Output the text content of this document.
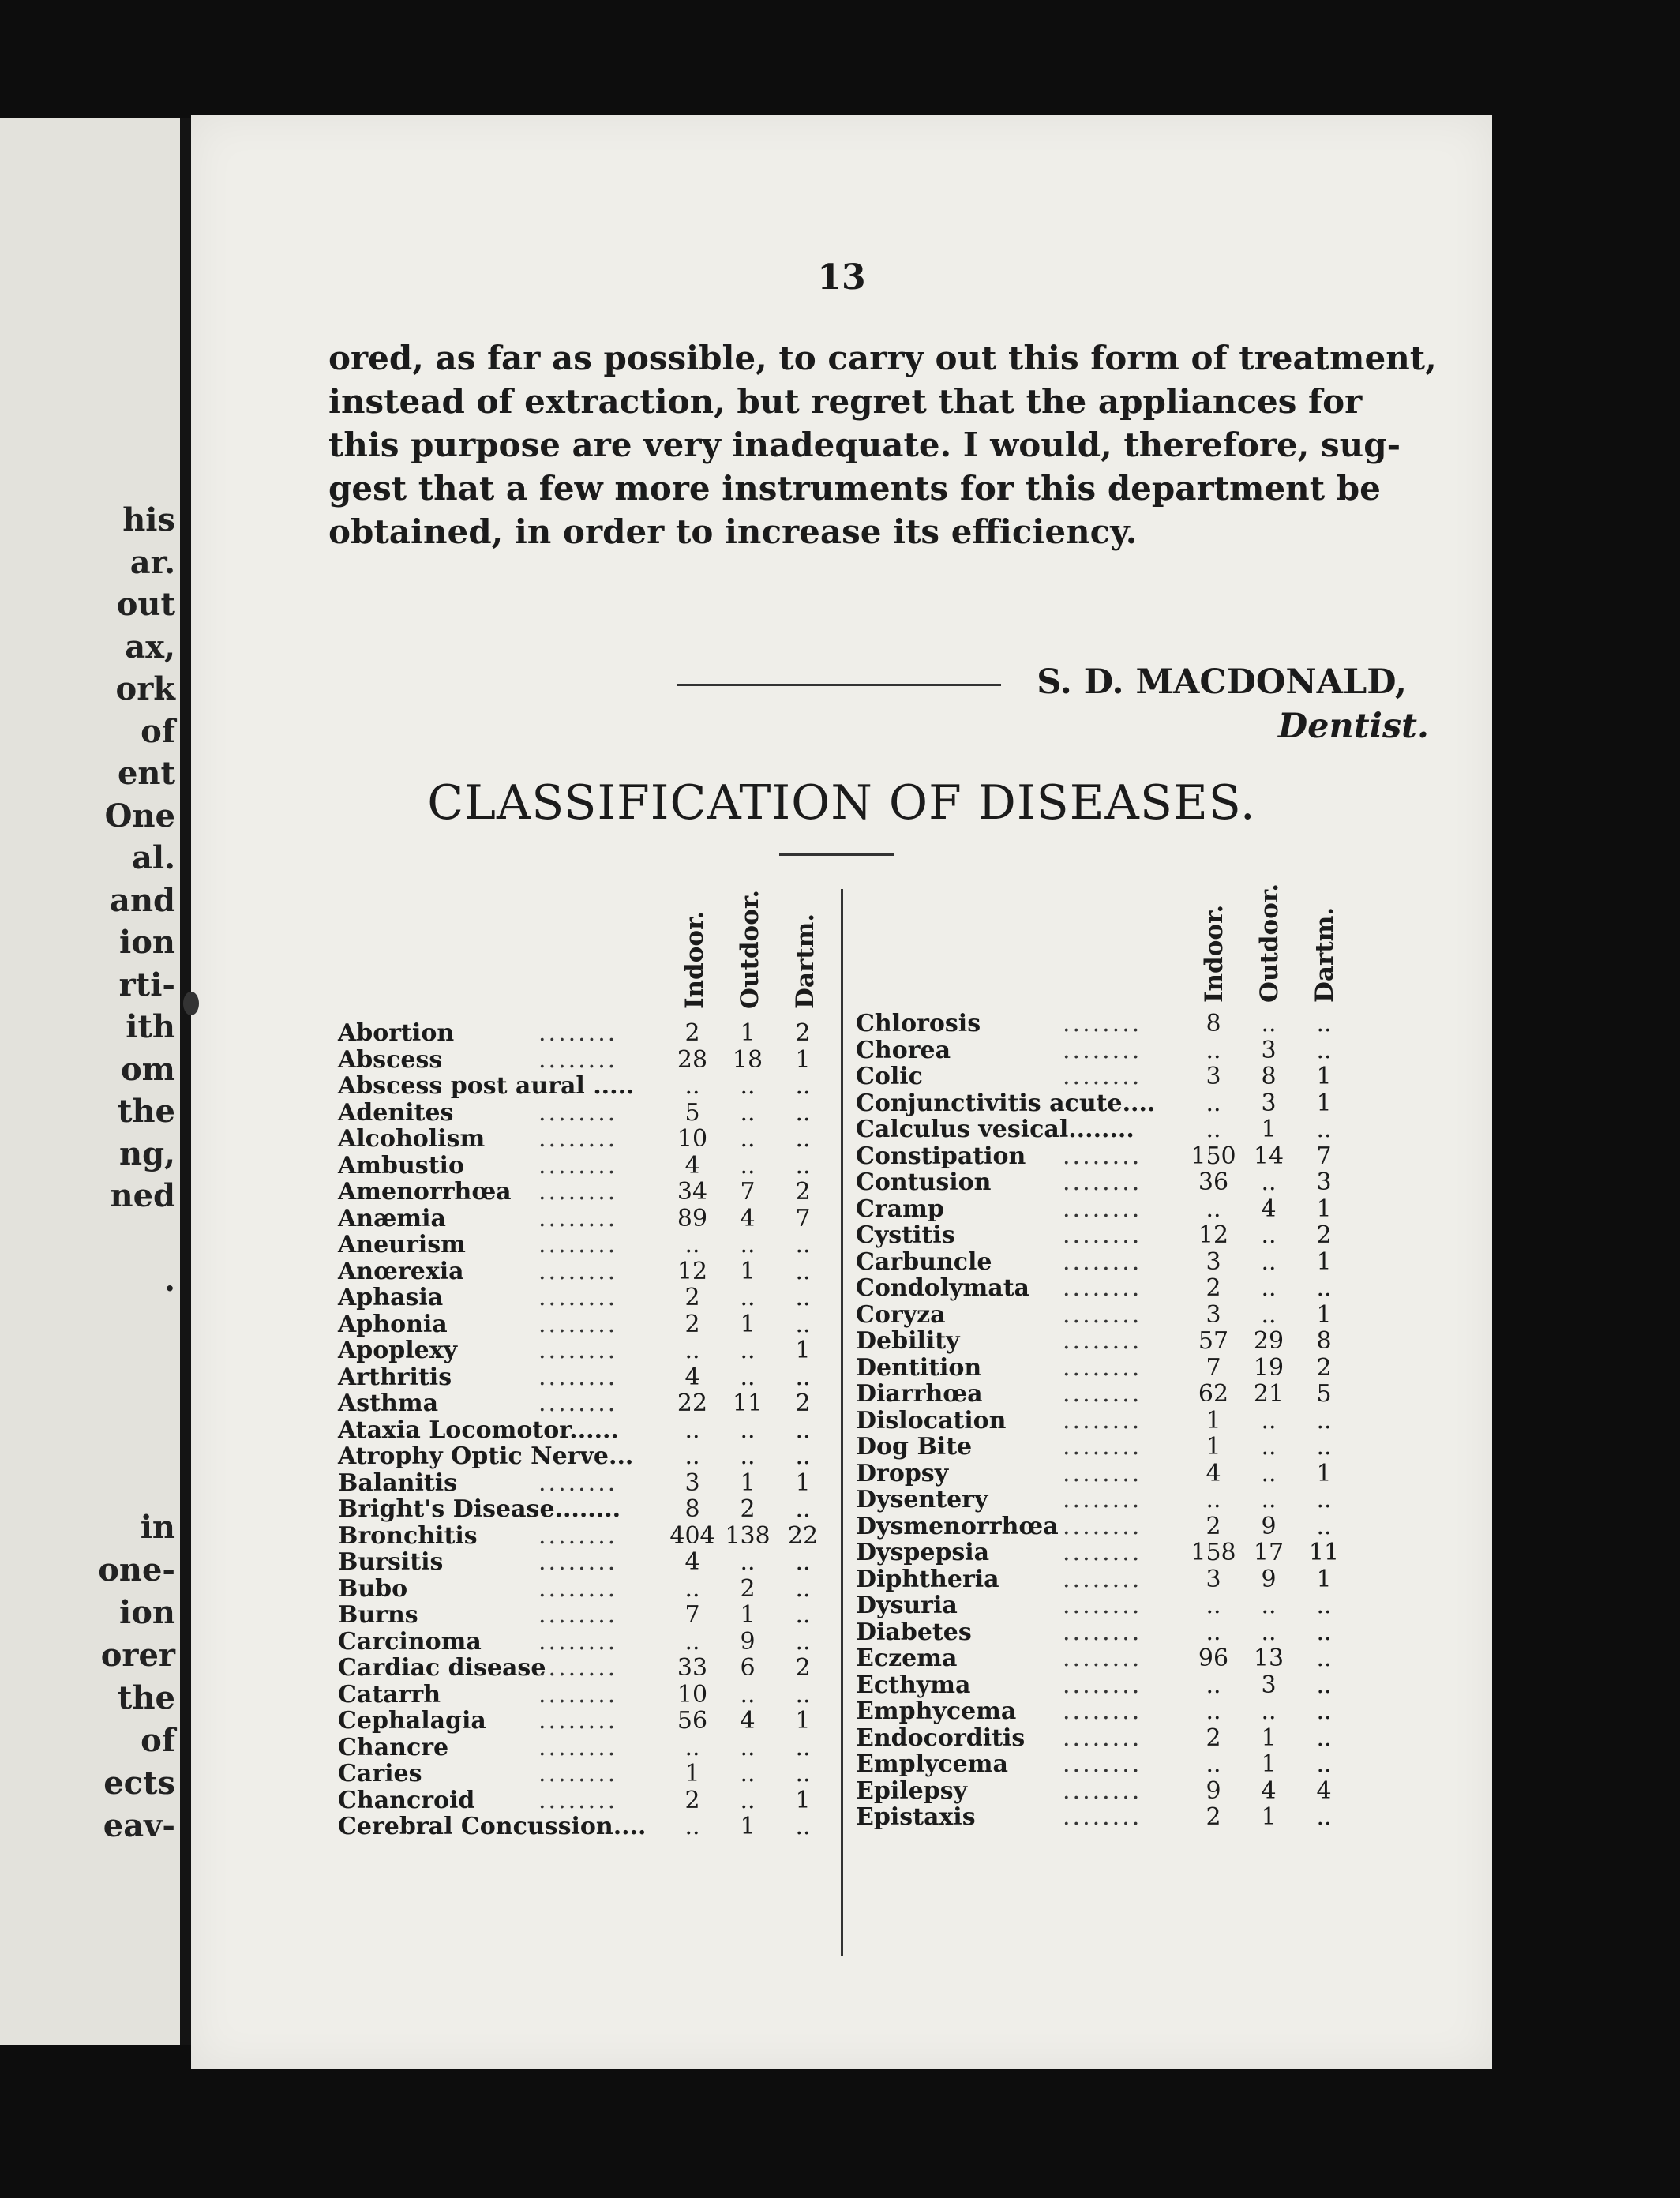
his
ar.
out
ax,
ork
of
ent
One
al.
and
ion
rti-
ith
om
the
ng,
ned

.
in
one-
ion
orer
the
of
ects
eav-
13
ored, as far as possible, to carry out this form of treatment,
instead of extraction, but regret that the appliances for
this purpose are very inadequate. I would, therefore, sug-
gest that a few more instruments for this department be
obtained, in order to increase its efficiency.
S. D. MACDONALD,
Dentist.
CLASSIFICATION OF DISEASES.
Indoor. Outdoor. Dartm.	Indoor. Outdoor. Dartm.
Abortion	........	2	1	2
Abscess	........	28	18	1
Abscess post aural .....	..	..	..
Adenites	........	5	..	..
Alcoholism ........	10	..	..
Ambustio	........	4	..	..
Amenorrhœa ........	34	7	2
Anæmia	........	89	4	7
Aneurism	........	..	..	..
Anœrexia	........	12	1	..
Aphasia	........	2	..	..
Aphonia	........	2	1	..
Apoplexy	........	..	..	1
Arthritis	........	4	..	..
Asthma	........	22	11	2
Ataxia Locomotor......	..	..	..
Atrophy Optic Nerve...	..	..	..
Balanitis	........	3	1	1
Bright's Disease........	8	2	..
Bronchitis	........ 404 138 22
Bursitis	........	4	..	..
Bubo	........	..	2	..
Burns	........	7	1	..
Carcinoma ........	..	9	..
Cardiac disease
........	33	6	2
Catarrh	........	10	..	..
Cephalagia ........	56	4	1
Chancre	........	..	..	..
Caries	........	1	..	..
Chancroid	........	2	..	1
Cerebral Concussion....	..	1	..
Chlorosis	........	8	..	..
Chorea	........	..	3	..
Colic	........	3	8	1
Conjunctivitis acute....	..	3	1
Calculus vesical........	..	1	..
Constipation ........ 150 14	7
Contusion	........	36	..	3
Cramp	........	..	4	1
Cystitis	........	12	..	2
Carbuncle	........	3	..	1
Condolymata ........	2	..	..
Coryza	........	3	..	1
Debility	........	57	29	8
Dentition	........	7	19	2
Diarrhœa	........	62	21	5
Dislocation ........	1	..	..
Dog Bite	........	1	..	..
Dropsy	........	4	..	1
Dysentery	........	..	..	..
Dysmenorrhœa ........	2	9	..
Dyspepsia	........ 158 17	11
Diphtheria	........	3	9	1
Dysuria	........	..	..	..
Diabetes	........	..	..	..
Eczema	........	96	13	..
Ecthyma	........	..	3	..
Emphycema ........	..	..	..
Endocorditis ........	2	1	..
Emplycema ........	..	1	..
Epilepsy	........	9	4	4
Epistaxis	........	2	1	..
